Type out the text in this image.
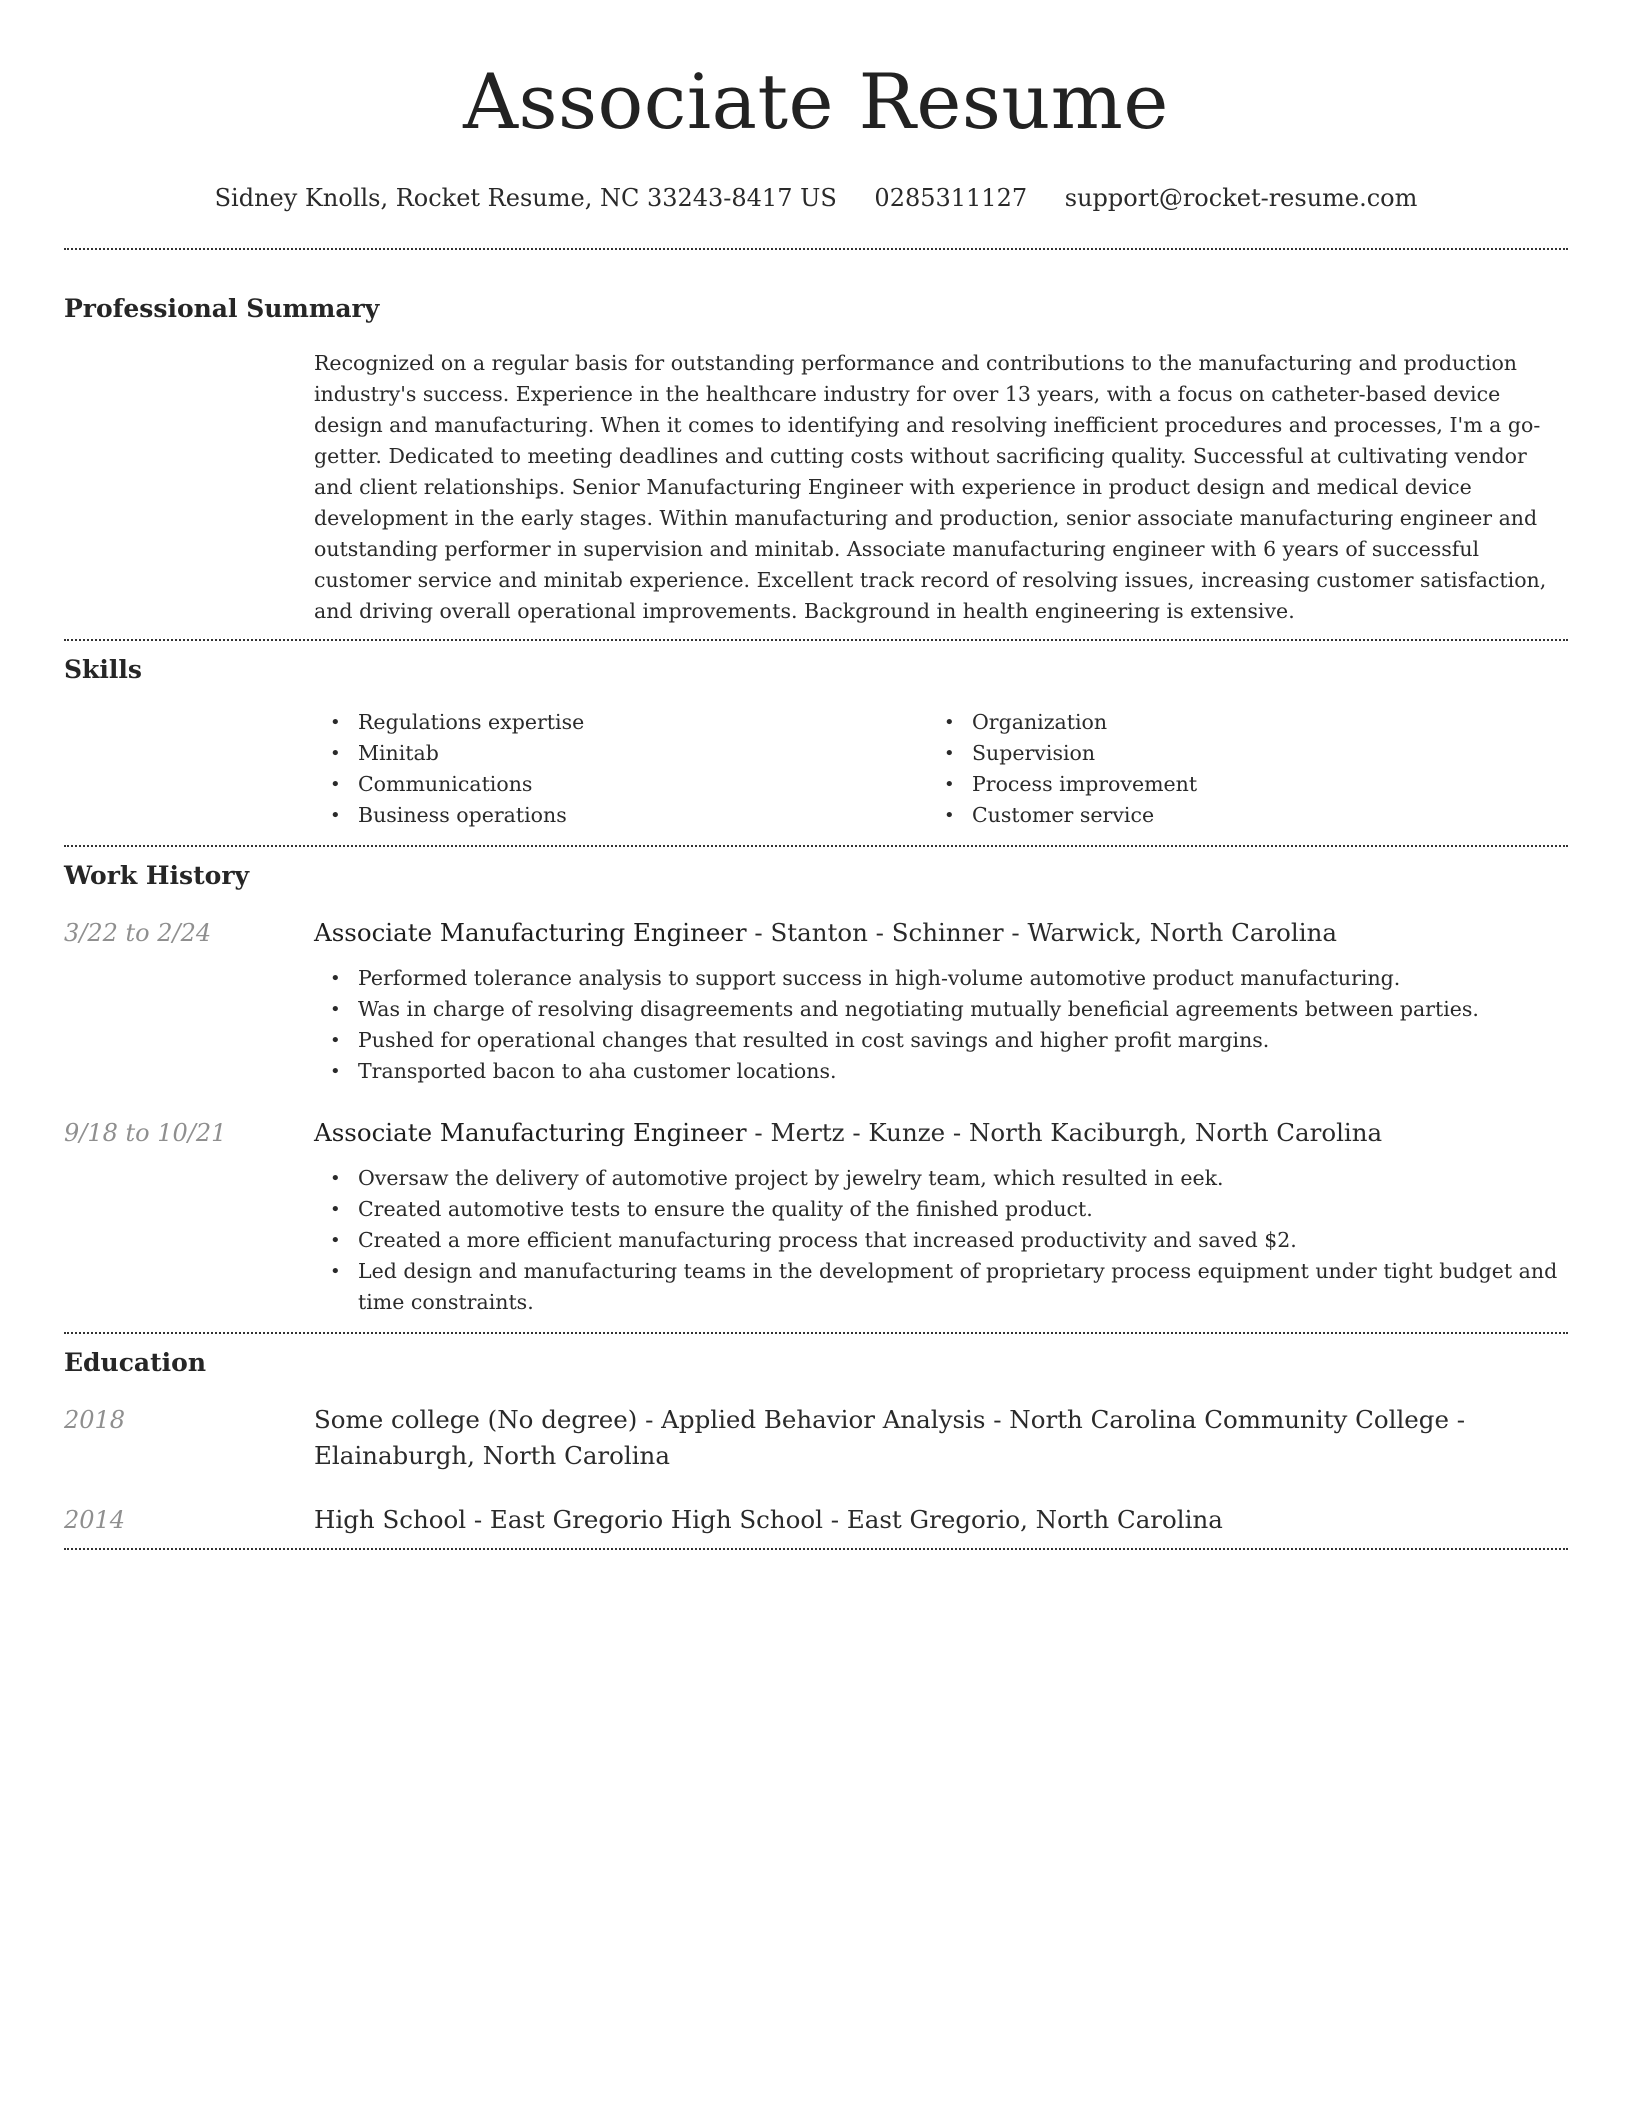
Associate Resume
Sidney Knolls, Rocket Resume, NC 33243-8417 US 0285311127 support@rocket-resume.com
Professional Summary

Recognized on a regular basis for outstanding performance and contributions to the manufacturing and production industry's success. Experience in the healthcare industry for over 13 years, with a focus on catheter-based device design and manufacturing. When it comes to identifying and resolving inefficient procedures and processes, I'm a go-getter. Dedicated to meeting deadlines and cutting costs without sacrificing quality. Successful at cultivating vendor and client relationships. Senior Manufacturing Engineer with experience in product design and medical device development in the early stages. Within manufacturing and production, senior associate manufacturing engineer and outstanding performer in supervision and minitab. Associate manufacturing engineer with 6 years of successful customer service and minitab experience. Excellent track record of resolving issues, increasing customer satisfaction, and driving overall operational improvements. Background in health engineering is extensive.

Skills
• Regulations expertise
• Minitab
• Communications
• Business operations
• Organization
• Supervision
• Process improvement
• Customer service
Work History
3/22 to 2/24	Associate Manufacturing Engineer - Stanton - Schinner - Warwick, North Carolina
• Performed tolerance analysis to support success in high-volume automotive product manufacturing.
• Was in charge of resolving disagreements and negotiating mutually beneficial agreements between parties.
• Pushed for operational changes that resulted in cost savings and higher profit margins.
• Transported bacon to aha customer locations.
9/18 to 10/21	Associate Manufacturing Engineer - Mertz - Kunze - North Kaciburgh, North Carolina
• Oversaw the delivery of automotive project by jewelry team, which resulted in eek.
• Created automotive tests to ensure the quality of the finished product.
• Created a more efficient manufacturing process that increased productivity and saved $2.
• Led design and manufacturing teams in the development of proprietary process equipment under tight budget and time constraints.
Education
2018	Some college (No degree) - Applied Behavior Analysis - North Carolina Community College - Elainaburgh, North Carolina
2014	High School - East Gregorio High School - East Gregorio, North Carolina
